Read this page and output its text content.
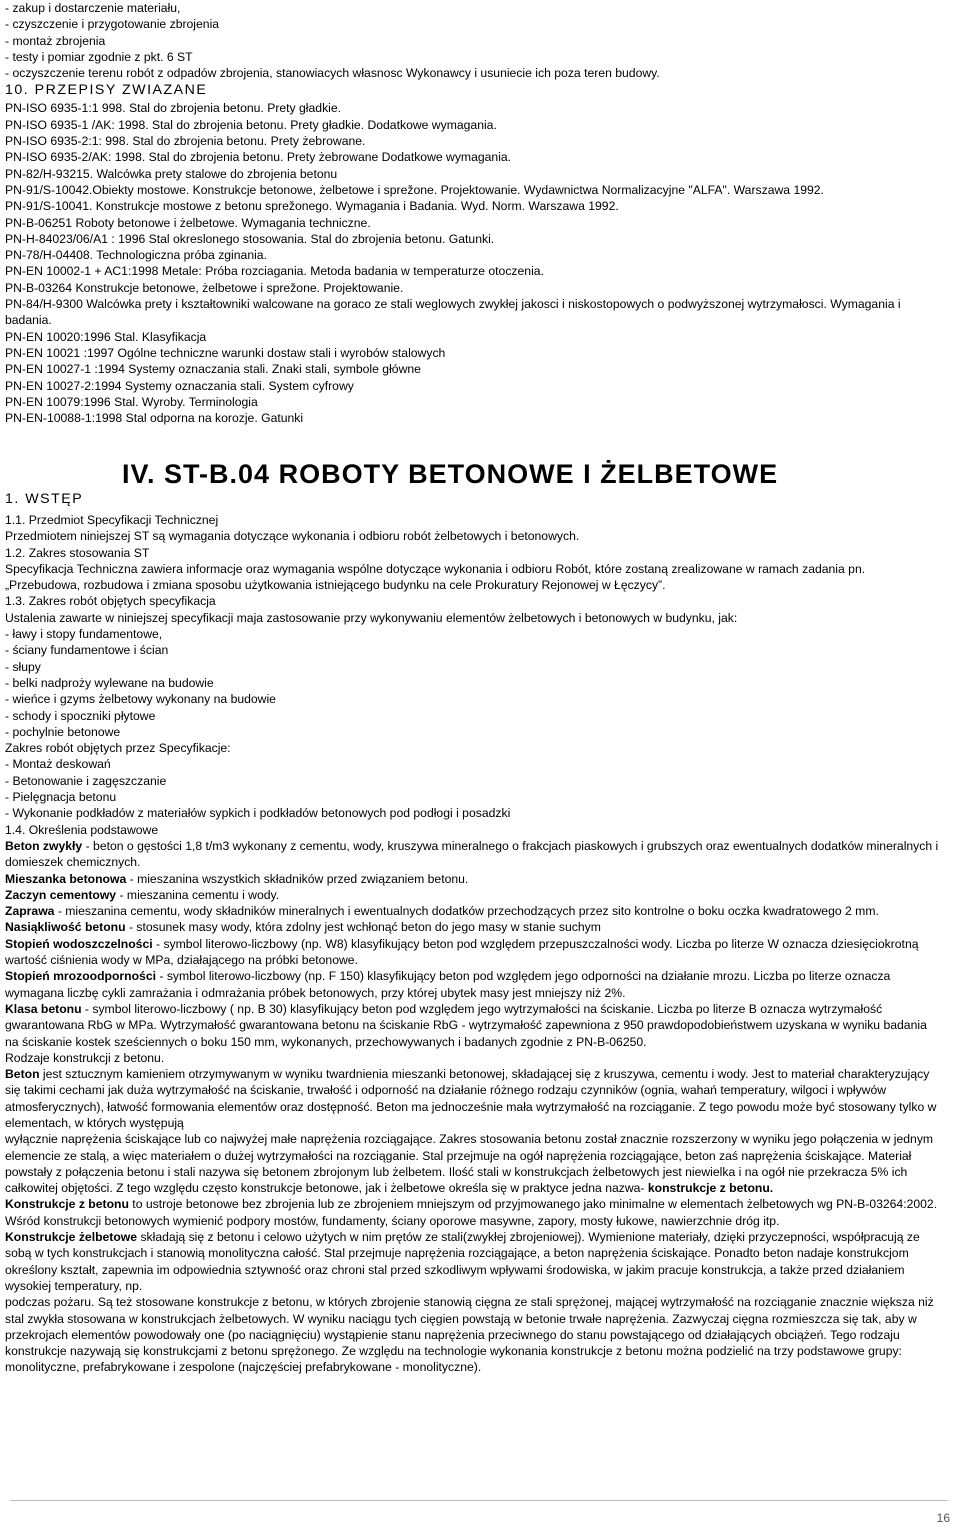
- zakup i dostarczenie materiału,
- czyszczenie i przygotowanie zbrojenia
- montaż zbrojenia
- testy i pomiar zgodnie z pkt. 6 ST
- oczyszczenie terenu robót z odpadów zbrojenia, stanowiacych własnosc Wykonawcy i usuniecie ich poza teren budowy.
10. PRZEPISY ZWIAZANE
PN-ISO 6935-1:1 998. Stal do zbrojenia betonu. Prety gładkie.
PN-ISO 6935-1 /AK: 1998. Stal do zbrojenia betonu. Prety gładkie. Dodatkowe wymagania.
PN-ISO 6935-2:1: 998. Stal do zbrojenia betonu. Prety żebrowane.
PN-ISO 6935-2/AK: 1998. Stal do zbrojenia betonu. Prety żebrowane Dodatkowe wymagania.
PN-82/H-93215. Walcówka prety stalowe do zbrojenia betonu
PN-91/S-10042.Obiekty mostowe. Konstrukcje betonowe, żelbetowe i sprežone. Projektowanie. Wydawnictwa Normalizacyjne "ALFA". Warszawa 1992.
PN-91/S-10041. Konstrukcje mostowe z betonu sprežonego. Wymagania i Badania. Wyd. Norm. Warszawa 1992.
PN-B-06251 Roboty betonowe i żelbetowe. Wymagania techniczne.
PN-H-84023/06/A1 : 1996 Stal okreslonego stosowania. Stal do zbrojenia betonu. Gatunki.
PN-78/H-04408. Technologiczna próba zginania.
PN-EN 10002-1 + AC1:1998 Metale: Próba rozciagania. Metoda badania w temperaturze otoczenia.
PN-B-03264 Konstrukcje betonowe, żelbetowe i sprežone. Projektowanie.
PN-84/H-9300 Walcówka prety i kształtowniki walcowane na goraco ze stali weglowych zwykłej jakosci i niskostopowych o podwyższonej wytrzymałosci. Wymagania i badania.
PN-EN 10020:1996 Stal. Klasyfikacja
PN-EN 10021 :1997 Ogólne techniczne warunki dostaw stali i wyrobów stalowych
PN-EN 10027-1 :1994 Systemy oznaczania stali. Znaki stali, symbole główne
PN-EN 10027-2:1994 Systemy oznaczania stali. System cyfrowy
PN-EN 10079:1996 Stal. Wyroby. Terminologia
PN-EN-10088-1:1998 Stal odporna na korozje. Gatunki
IV. ST-B.04 ROBOTY BETONOWE I ŻELBETOWE
1. WSTĘP
1.1. Przedmiot Specyfikacji Technicznej
Przedmiotem niniejszej ST są wymagania dotyczące wykonania i odbioru robót żelbetowych i betonowych.
1.2. Zakres stosowania ST
Specyfikacja Techniczna zawiera informacje oraz wymagania wspólne dotyczące wykonania i odbioru Robót, które zostaną zrealizowane w ramach zadania pn. „Przebudowa, rozbudowa i zmiana sposobu użytkowania istniejącego budynku na cele Prokuratury Rejonowej w Łęczycy”.
1.3. Zakres robót objętych specyfikacja
Ustalenia zawarte w niniejszej specyfikacji maja zastosowanie przy wykonywaniu elementów żelbetowych i betonowych w budynku, jak:
- ławy i stopy fundamentowe,
- ściany fundamentowe i ścian
- słupy
- belki nadproży wylewane na budowie
- wieńce i gzyms żelbetowy wykonany na budowie
- schody i spoczniki płytowe
- pochylnie betonowe
Zakres robót objętych przez Specyfikacje:
- Montaż deskowań
- Betonowanie i zagęszczanie
- Pielęgnacja betonu
- Wykonanie podkładów z materiałów sypkich i podkładów betonowych pod podłogi i posadzki
1.4. Określenia podstawowe
Beton zwykły - beton o gęstości 1,8 t/m3 wykonany z cementu, wody, kruszywa mineralnego o frakcjach piaskowych i grubszych oraz ewentualnych dodatków mineralnych i domieszek chemicznych.
Mieszanka betonowa - mieszanina wszystkich składników przed związaniem betonu.
Zaczyn cementowy - mieszanina cementu i wody.
Zaprawa - mieszanina cementu, wody składników mineralnych i ewentualnych dodatków przechodzących przez sito kontrolne o boku oczka kwadratowego 2 mm.
Nasiąkliwość betonu - stosunek masy wody, która zdolny jest wchłonąć beton do jego masy w stanie suchym
Stopień wodoszczelności - symbol literowo-liczbowy (np. W8) klasyfikujący beton pod względem przepuszczalności wody. Liczba po literze W oznacza dziesięciokrotną wartość ciśnienia wody w MPa, działającego na próbki betonowe.
Stopień mrozoodporności - symbol literowo-liczbowy (np. F 150) klasyfikujący beton pod względem jego odporności na działanie mrozu. Liczba po literze oznacza wymagana liczbę cykli zamrażania i odmrażania próbek betonowych, przy której ubytek masy jest mniejszy niż 2%.
Klasa betonu - symbol literowo-liczbowy ( np. B 30) klasyfikujący beton pod względem jego wytrzymałości na ściskanie. Liczba po literze B oznacza wytrzymałość gwarantowana RbG w MPa. Wytrzymałość gwarantowana betonu na ściskanie RbG - wytrzymałość zapewniona z 950 prawdopodobieństwem uzyskana w wyniku badania na ściskanie kostek sześciennych o boku 150 mm, wykonanych, przechowywanych i badanych zgodnie z PN-B-06250.
Rodzaje konstrukcji z betonu.
Beton jest sztucznym kamieniem otrzymywanym w wyniku twardnienia mieszanki betonowej, składającej się z kruszywa, cementu i wody. Jest to materiał charakteryzujący się takimi cechami jak duża wytrzymałość na ściskanie, trwałość i odporność na działanie różnego rodzaju czynników (ognia, wahań temperatury, wilgoci i wpływów atmosferycznych), łatwość formowania elementów oraz dostępność. Beton ma jednocześnie mała wytrzymałość na rozciąganie. Z tego powodu może być stosowany tylko w elementach, w których występują
wyłącznie naprężenia ściskające lub co najwyżej małe naprężenia rozciągające. Zakres stosowania betonu został znacznie rozszerzony w wyniku jego połączenia w jednym elemencie ze stalą, a więc materiałem o dużej wytrzymałości na rozciąganie. Stal przejmuje na ogół naprężenia rozciągające, beton zaś naprężenia ściskające. Materiał powstały z połączenia betonu i stali nazywa się betonem zbrojonym lub żelbetem. Ilość stali w konstrukcjach żelbetowych jest niewielka i na ogół nie przekracza 5% ich całkowitej objętości. Z tego względu często konstrukcje betonowe, jak i żelbetowe określa się w praktyce jedna nazwa- konstrukcje z betonu.
Konstrukcje z betonu to ustroje betonowe bez zbrojenia lub ze zbrojeniem mniejszym od przyjmowanego jako minimalne w elementach żelbetowych wg PN-B-03264:2002. Wśród konstrukcji betonowych wymienić podpory mostów, fundamenty, ściany oporowe masywne, zapory, mosty łukowe, nawierzchnie dróg itp.
Konstrukcje żelbetowe składają się z betonu i celowo użytych w nim prętów ze stali(zwykłej zbrojeniowej). Wymienione materiały, dzięki przyczepności, współpracują ze sobą w tych konstrukcjach i stanowią monolityczna całość. Stal przejmuje naprężenia rozciągające, a beton naprężenia ściskające. Ponadto beton nadaje konstrukcjom określony kształt, zapewnia im odpowiednia sztywność oraz chroni stal przed szkodliwym wpływami środowiska, w jakim pracuje konstrukcja, a także przed działaniem wysokiej temperatury, np.
podczas pożaru. Są też stosowane konstrukcje z betonu, w których zbrojenie stanowią cięgna ze stali sprężonej, mającej wytrzymałość na rozciąganie znacznie większa niż stal zwykła stosowana w konstrukcjach żelbetowych. W wyniku naciągu tych cięgien powstają w betonie trwałe naprężenia. Zazwyczaj cięgna rozmieszcza się tak, aby w przekrojach elementów powodowały one (po naciągnięciu) wystąpienie stanu naprężenia przeciwnego do stanu powstającego od działających obciążeń. Tego rodzaju konstrukcje nazywają się konstrukcjami z betonu sprężonego. Ze względu na technologie wykonania konstrukcje z betonu można podzielić na trzy podstawowe grupy: monolityczne, prefabrykowane i zespolone (najczęściej prefabrykowane - monolityczne).
16
